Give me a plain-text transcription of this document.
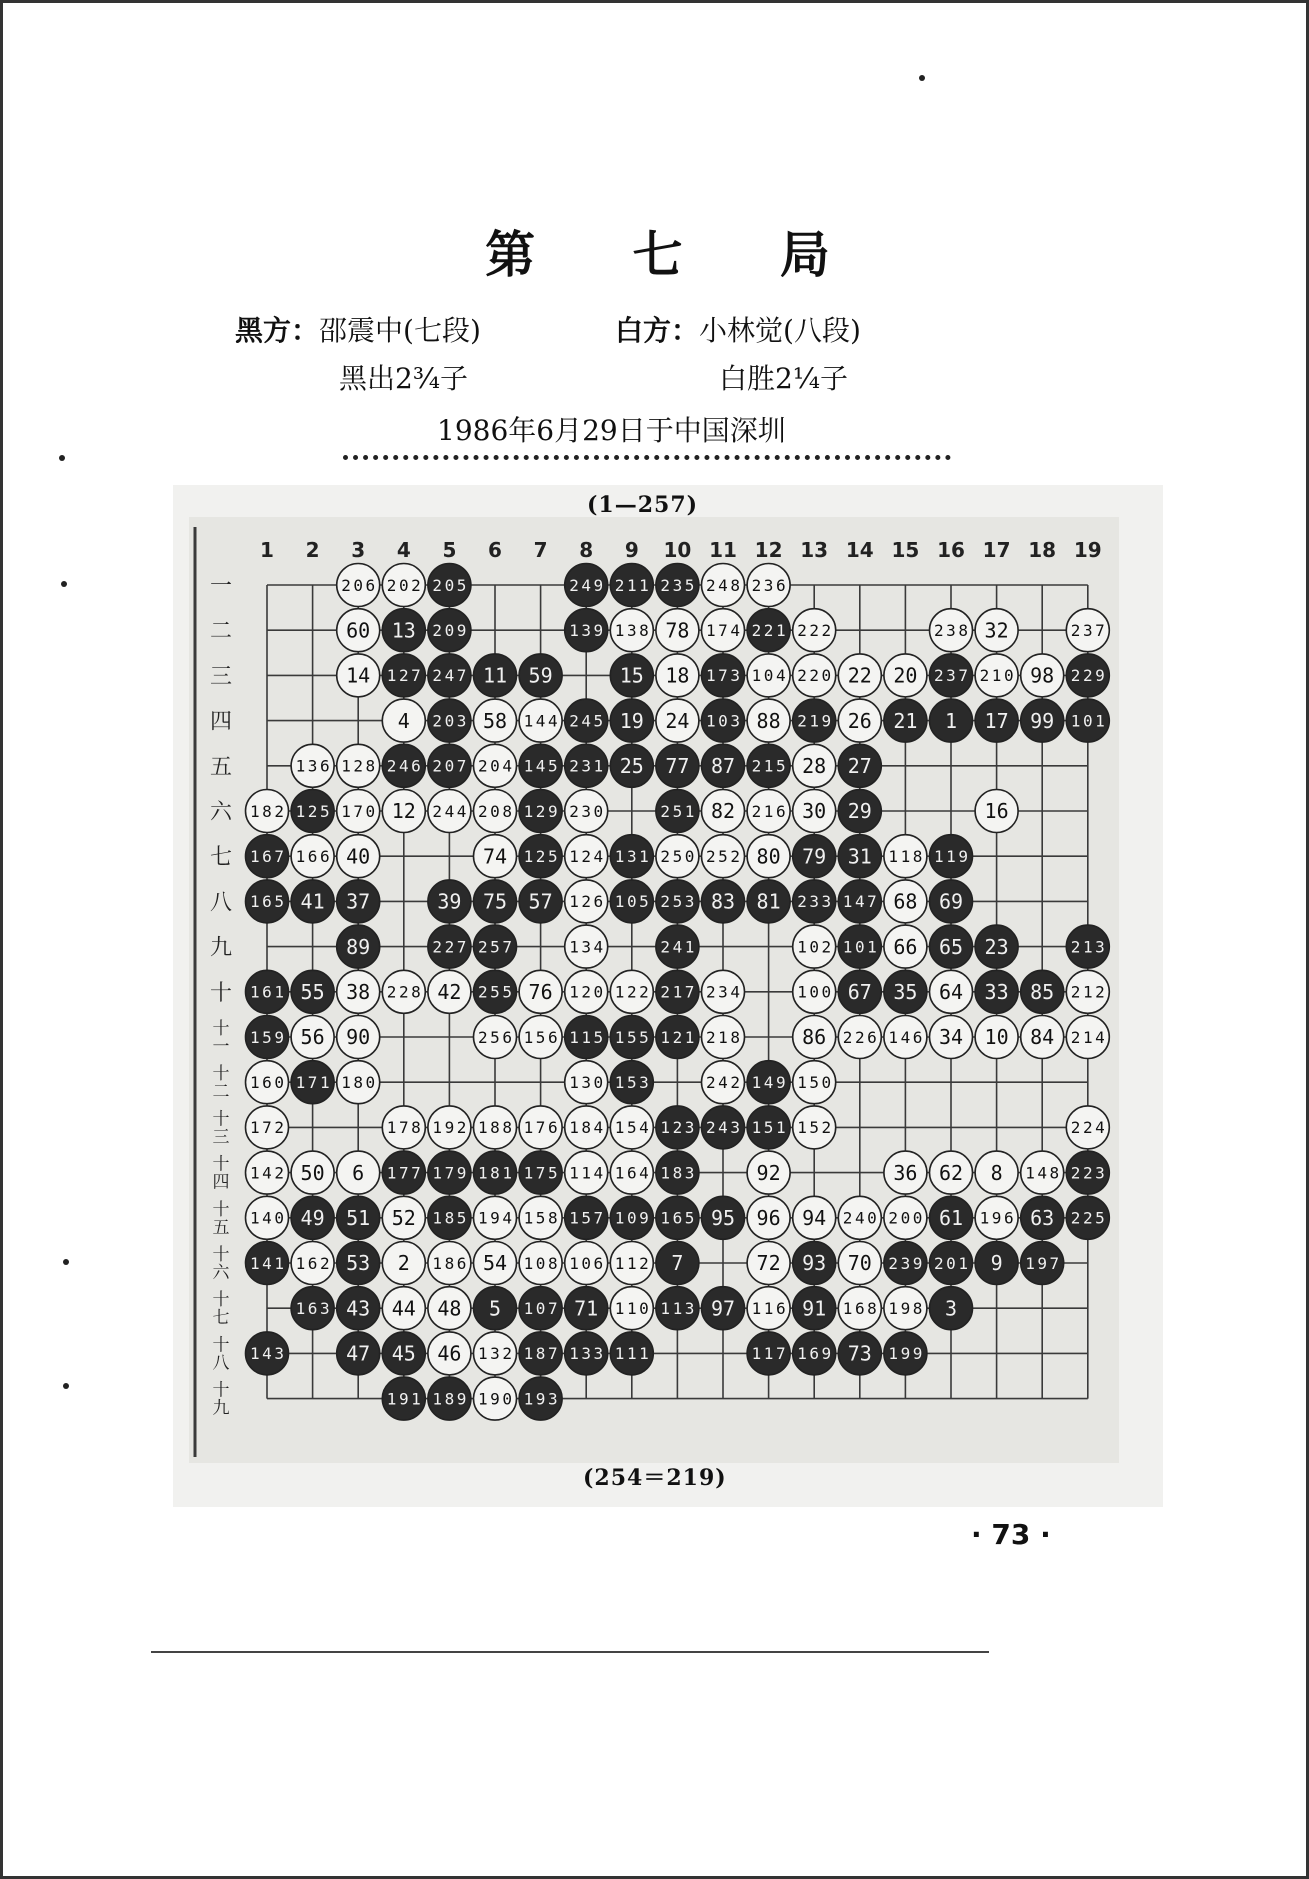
第 七 局
黑方：邵震中(七段)	白方：小林觉(八段)
黑出2¾子	白胜2¼子
1986年6月29日于中国深圳
(1—257)
1 2 3 4 5 6 7 8 9 10 11 12 13 14 15 16 17 18 19
一
二
三
四
五
六
七
八
九
十
十一
十二
十三
十四
十五
十六
十七
十八
十九
206 202 205	249 211 235 248 236
60 13 209	139 138 78 174 221 222	238 32	237
14 127 247 11 59	15 18 173 104 220 22 20 237 210 98 229
4 203 58 144 245 19 24 103 88 219 26 21 1 17 99 101
136 128 246 207 204 145 231 25 77 87 215 28 27
182 125 170 12 244 208 129 230	251 82 216 30 29	16
167 166 40	74 125 124 131 250 252 80 79 31 118 119
165 41 37	39 75 57 126 105 253 83 81 233 147 68 69
89	227 257	134	241	102 101 66 65 23	213
161 55 38 228 42 255 76 120 122 217 234	100 67 35 64 33 85 212
159 56 90	256 156 115 155 121 218	86 226 146 34 10 84 214
160 171 180	130 153	242 149 150
172	178 192 188 176 184 154 123 243 151 152	224
142 50 6 177 179 181 175 114 164 183	92	36 62 8 148 223
140 49 51 52 185 194 158 157 109 165 95 96 94 240 200 61 196 63 225
141 162 53 2 186 54 108 106 112 7	72 93 70 239 201 9 197
163 43 44 48 5 107 71 110 113 97 116 91 168 198 3
143	47 45 46 132 187 133 111	117 169 73 199
191 189 190 193
(254＝219)
· 73 ·
